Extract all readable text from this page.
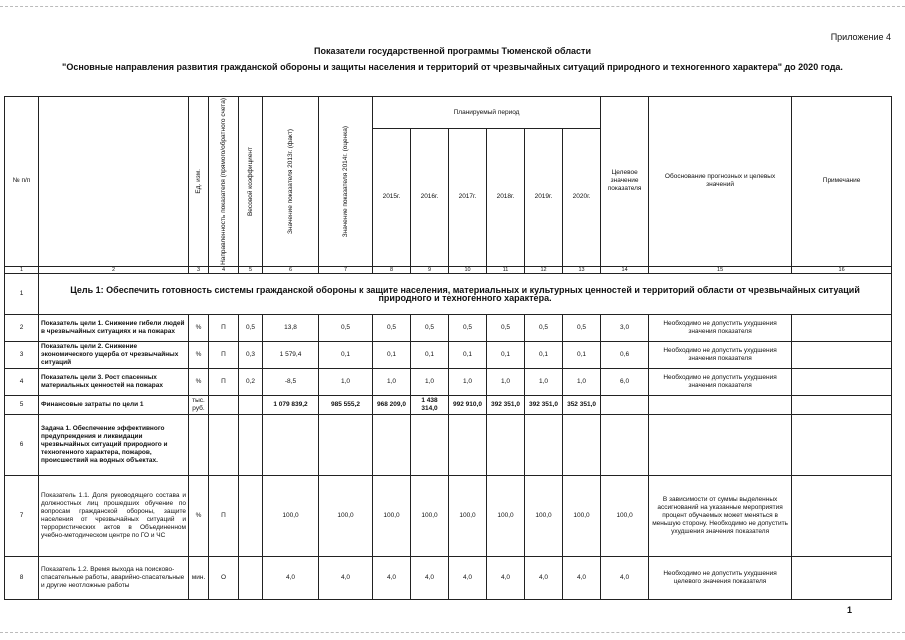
Приложение 4
Показатели государственной программы Тюменской области
"Основные направления развития гражданской обороны и защиты населения и территорий от чрезвычайных ситуаций природного и техногенного характера" до 2020 года.
№ п/п		Ед. изм.	Направленность показателя (прямого/обратного счета)	Весовой коэффициент	Значение показателя 2013г. (факт)	Значение показателя 2014г. (оценка)	Планируемый период						Целевое значение показателя	Обоснование прогнозных и целевых значений	Примечание
							2015г.	2016г.	2017г.	2018г.	2019г.	2020г.			
1	2	3	4	5	6	7	8	9	10	11	12	13	14	15	16
1	Цель 1: Обеспечить готовность системы гражданской обороны к защите населения, материальных и культурных ценностей и территорий области от чрезвычайных ситуаций природного и техногенного характера.														
2	Показатель цели 1. Снижение гибели людей в чрезвычайных ситуациях и на пожарах	%	П	0,5	13,8	0,5	0,5	0,5	0,5	0,5	0,5	0,5	3,0	Необходимо не допустить ухудшения значения показателя	
3	Показатель цели 2. Снижение экономического ущерба от чрезвычайных ситуаций	%	П	0,3	1 579,4	0,1	0,1	0,1	0,1	0,1	0,1	0,1	0,6	Необходимо не допустить ухудшения значения показателя	
4	Показатель цели 3. Рост спасенных материальных ценностей на пожарах	%	П	0,2	-8,5	1,0	1,0	1,0	1,0	1,0	1,0	1,0	6,0	Необходимо не допустить ухудшения значения показателя	
5	Финансовые затраты по цели 1	тыс. руб.			1 079 839,2	985 555,2	968 209,0	1 438 314,0	992 910,0	392 351,0	392 351,0	352 351,0			
6	Задача 1. Обеспечение эффективного предупреждения и ликвидации чрезвычайных ситуаций природного и техногенного характера, пожаров, происшествий на водных объектах.														
7	Показатель 1.1. Доля руководящего состава и должностных лиц прошедших обучение по вопросам гражданской обороны, защите населения от чрезвычайных ситуаций и террористических актов в Объединенном учебно-методическом центре по ГО и ЧС	%	П		100,0	100,0	100,0	100,0	100,0	100,0	100,0	100,0	100,0	В зависимости от суммы выделенных ассигнований на указанные мероприятия процент обучаемых может меняться в меньшую сторону. Необходимо не допустить ухудшения значения показателя	
8	Показатель 1.2. Время выхода на поисково-спасательные работы, аварийно-спасательные и другие неотложные работы	мин.	О		4,0	4,0	4,0	4,0	4,0	4,0	4,0	4,0	4,0	Необходимо не допустить ухудшения целевого значения показателя	
1
